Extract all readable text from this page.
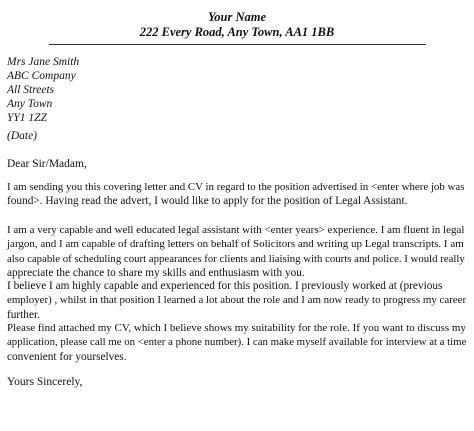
Your Name
222 Every Road, Any Town, AA1 1BB
Mrs Jane Smith
ABC Company
All Streets
Any Town
YY1 1ZZ
(Date)
Dear Sir/Madam,
I am sending you this covering letter and CV in regard to the position advertised in <enter where job was
found>. Having read the advert, I would like to apply for the position of Legal Assistant.
I am a very capable and well educated legal assistant with <enter years> experience. I am fluent in legal
jargon, and I am capable of drafting letters on behalf of Solicitors and writing up Legal transcripts. I am
also capable of scheduling court appearances for clients and liaising with courts and police. I would really
appreciate the chance to share my skills and enthusiasm with you.
I believe I am highly capable and experienced for this position. I previously worked at (previous
employer) , whilst in that position I learned a lot about the role and I am now ready to progress my career
further.
Please find attached my CV, which I believe shows my suitability for the role. If you want to discuss my
application, please call me on <enter a phone number). I can make myself available for interview at a time
convenient for yourselves.
Yours Sincerely,
